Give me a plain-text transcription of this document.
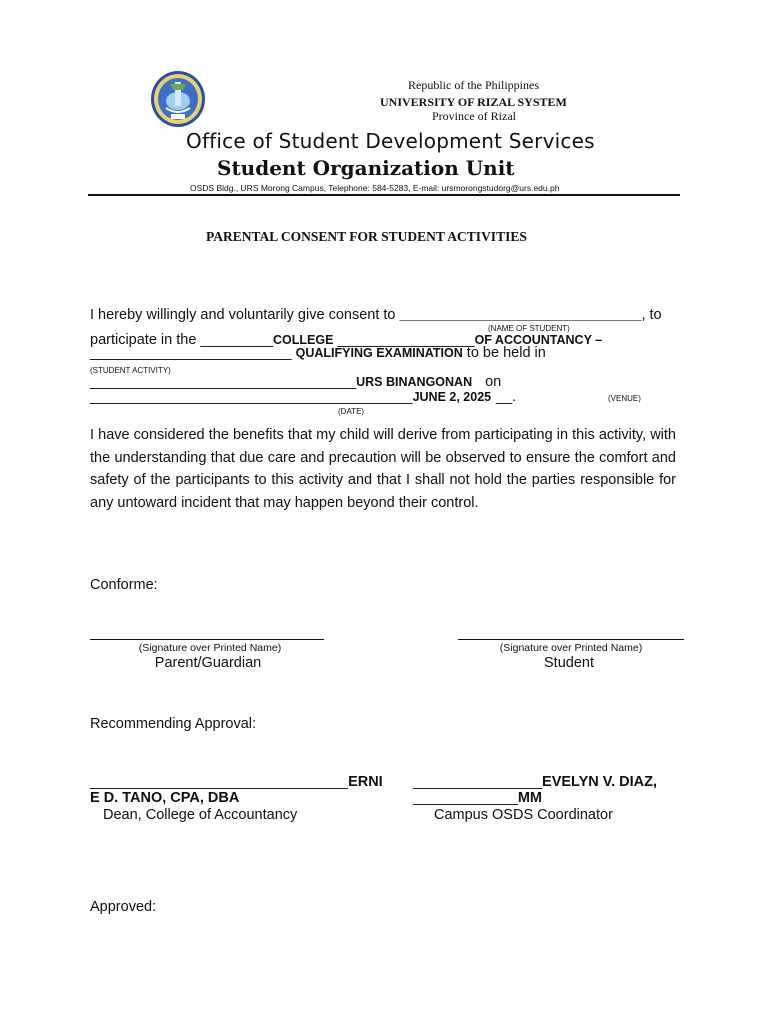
Republic of the Philippines
UNIVERSITY OF RIZAL SYSTEM
Province of Rizal
Office of Student Development Services
Student Organization Unit
OSDS Bldg., URS Morong Campus, Telephone: 584-5283, E-mail: ursmorongstudorg@urs.edu.ph
PARENTAL CONSENT FOR STUDENT ACTIVITIES
I hereby willingly and voluntarily give consent to ______________________________, to
(NAME OF STUDENT)
participate in the _________COLLEGE _________________OF ACCOUNTANCY –
_________________________ QUALIFYING EXAMINATION to be held in
(STUDENT ACTIVITY)
_________________________________URS BINANGONAN on
________________________________________JUNE 2, 2025 __.	(VENUE)
(DATE)
I have considered the benefits that my child will derive from participating in this activity, with the understanding that due care and precaution will be observed to ensure the comfort and safety of the participants to this activity and that I shall not hold the parties responsible for any untoward incident that may happen beyond their control.
Conforme:
(Signature over Printed Name)
Parent/Guardian
(Signature over Printed Name)
Student
Recommending Approval:
________________________________ERNI
E D. TANO, CPA, DBA
Dean, College of Accountancy
________________EVELYN V. DIAZ,
_____________MM
Campus OSDS Coordinator
Approved:
